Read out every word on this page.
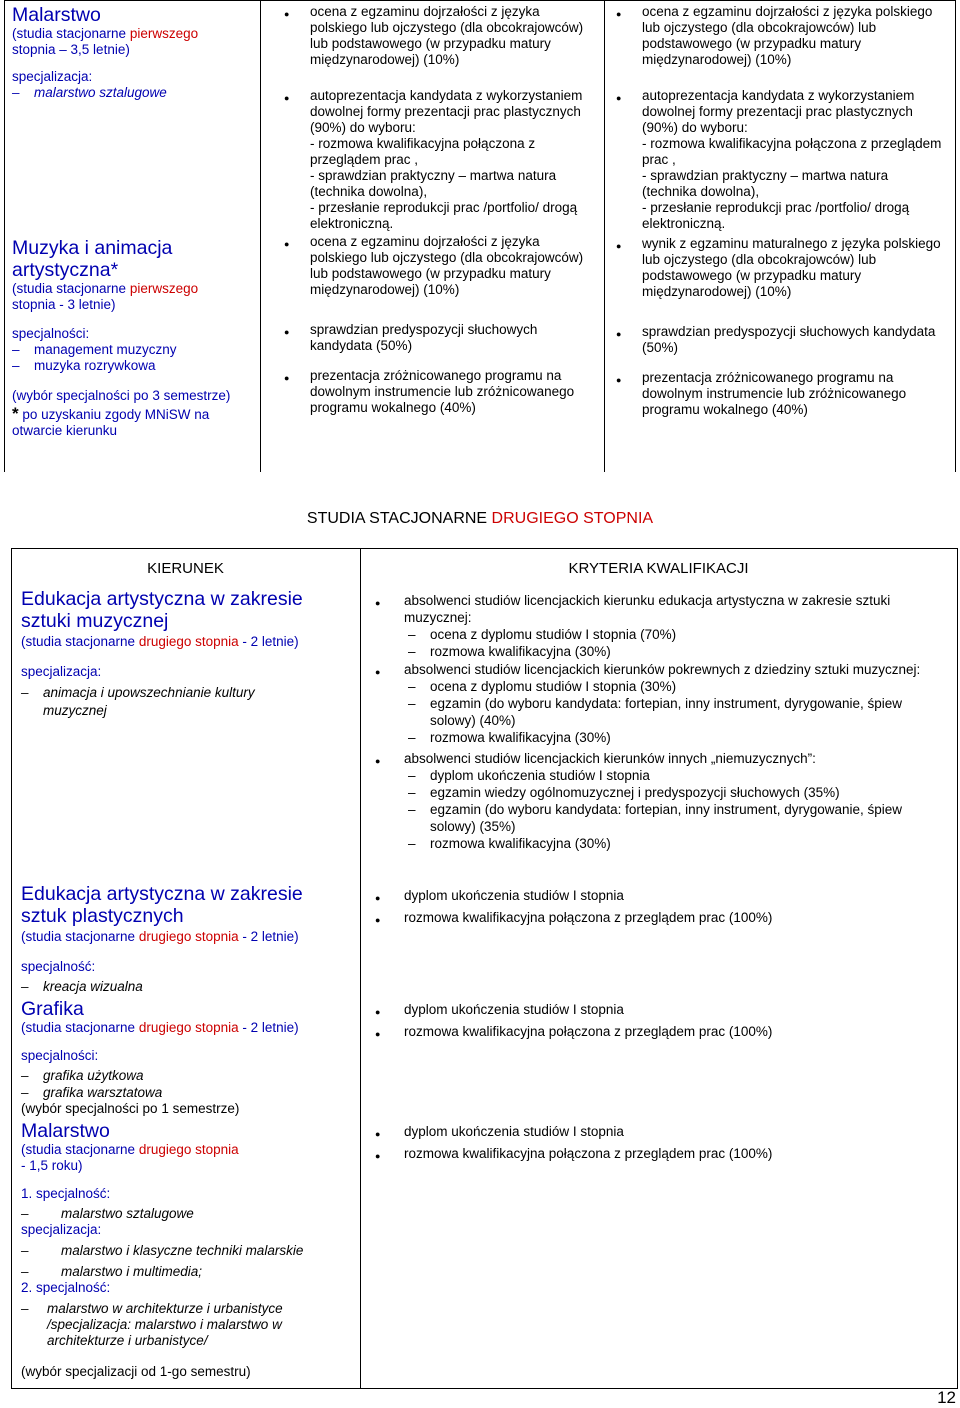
Malarstwo
(studia stacjonarne pierwszego
stopnia – 3,5 letnie)
specjalizacja:
– malarstwo sztalugowe
Muzyka i animacja
artystyczna*
(studia stacjonarne pierwszego
stopnia - 3 letnie)
specjalności:
– management muzyczny
– muzyka rozrywkowa
(wybór specjalności po 3 semestrze)
* po uzyskaniu zgody MNiSW na otwarcie kierunku
● ocena z egzaminu dojrzałości z języka polskiego lub ojczystego (dla obcokrajowców) lub podstawowego (w przypadku matury międzynarodowej) (10%)
● autoprezentacja kandydata z wykorzystaniem dowolnej formy prezentacji prac plastycznych (90%) do wyboru:
- rozmowa kwalifikacyjna połączona z przeglądem prac ,
- sprawdzian praktyczny – martwa natura (technika dowolna),
- przesłanie reprodukcji prac /portfolio/ drogą elektroniczną.
● ocena z egzaminu dojrzałości z języka polskiego lub ojczystego (dla obcokrajowców) lub podstawowego (w przypadku matury międzynarodowej) (10%)
● sprawdzian predyspozycji słuchowych kandydata (50%)
● prezentacja zróżnicowanego programu na dowolnym instrumencie lub zróżnicowanego programu wokalnego (40%)
● ocena z egzaminu dojrzałości z języka polskiego lub ojczystego (dla obcokrajowców) lub podstawowego (w przypadku matury międzynarodowej) (10%)
● autoprezentacja kandydata z wykorzystaniem dowolnej formy prezentacji prac plastycznych (90%) do wyboru:
- rozmowa kwalifikacyjna połączona z przeglądem prac ,
- sprawdzian praktyczny – martwa natura (technika dowolna),
- przesłanie reprodukcji prac /portfolio/ drogą elektroniczną.
● wynik z egzaminu maturalnego z języka polskiego lub ojczystego (dla obcokrajowców) lub podstawowego (w przypadku matury międzynarodowej) (10%)
● sprawdzian predyspozycji słuchowych kandydata (50%)
● prezentacja zróżnicowanego programu na dowolnym instrumencie lub zróżnicowanego programu wokalnego (40%)
STUDIA STACJONARNE DRUGIEGO STOPNIA
KIERUNEK	KRYTERIA KWALIFIKACJI
Edukacja artystyczna w zakresie sztuki muzycznej
(studia stacjonarne drugiego stopnia - 2 letnie)
specjalizacja:
– animacja i upowszechnianie kultury muzycznej
Edukacja artystyczna w zakresie sztuk plastycznych
(studia stacjonarne drugiego stopnia - 2 letnie)
specjalność:
– kreacja wizualna
Grafika
(studia stacjonarne drugiego stopnia - 2 letnie)
specjalności:
– grafika użytkowa
– grafika warsztatowa
(wybór specjalności po 1 semestrze)
Malarstwo
(studia stacjonarne drugiego stopnia
- 1,5 roku)
1. specjalność:
– malarstwo sztalugowe
specjalizacja:
– malarstwo i klasyczne techniki malarskie
– malarstwo i multimedia;
2. specjalność:
– malarstwo w architekturze i urbanistyce /specjalizacja: malarstwo i malarstwo w architekturze i urbanistyce/
(wybór specjalizacji od 1-go semestru)
● absolwenci studiów licencjackich kierunku edukacja artystyczna w zakresie sztuki muzycznej:
– ocena z dyplomu studiów I stopnia (70%)
– rozmowa kwalifikacyjna (30%)
● absolwenci studiów licencjackich kierunków pokrewnych z dziedziny sztuki muzycznej:
– ocena z dyplomu studiów I stopnia (30%)
– egzamin (do wyboru kandydata: fortepian, inny instrument, dyrygowanie, śpiew solowy) (40%)
– rozmowa kwalifikacyjna (30%)
● absolwenci studiów licencjackich kierunków innych „niemuzycznych”:
– dyplom ukończenia studiów I stopnia
– egzamin wiedzy ogólnomuzycznej i predyspozycji słuchowych (35%)
– egzamin (do wyboru kandydata: fortepian, inny instrument, dyrygowanie, śpiew solowy) (35%)
– rozmowa kwalifikacyjna (30%)
● dyplom ukończenia studiów I stopnia
● rozmowa kwalifikacyjna połączona z przeglądem prac (100%)
● dyplom ukończenia studiów I stopnia
● rozmowa kwalifikacyjna połączona z przeglądem prac (100%)
● dyplom ukończenia studiów I stopnia
● rozmowa kwalifikacyjna połączona z przeglądem prac (100%)
12
